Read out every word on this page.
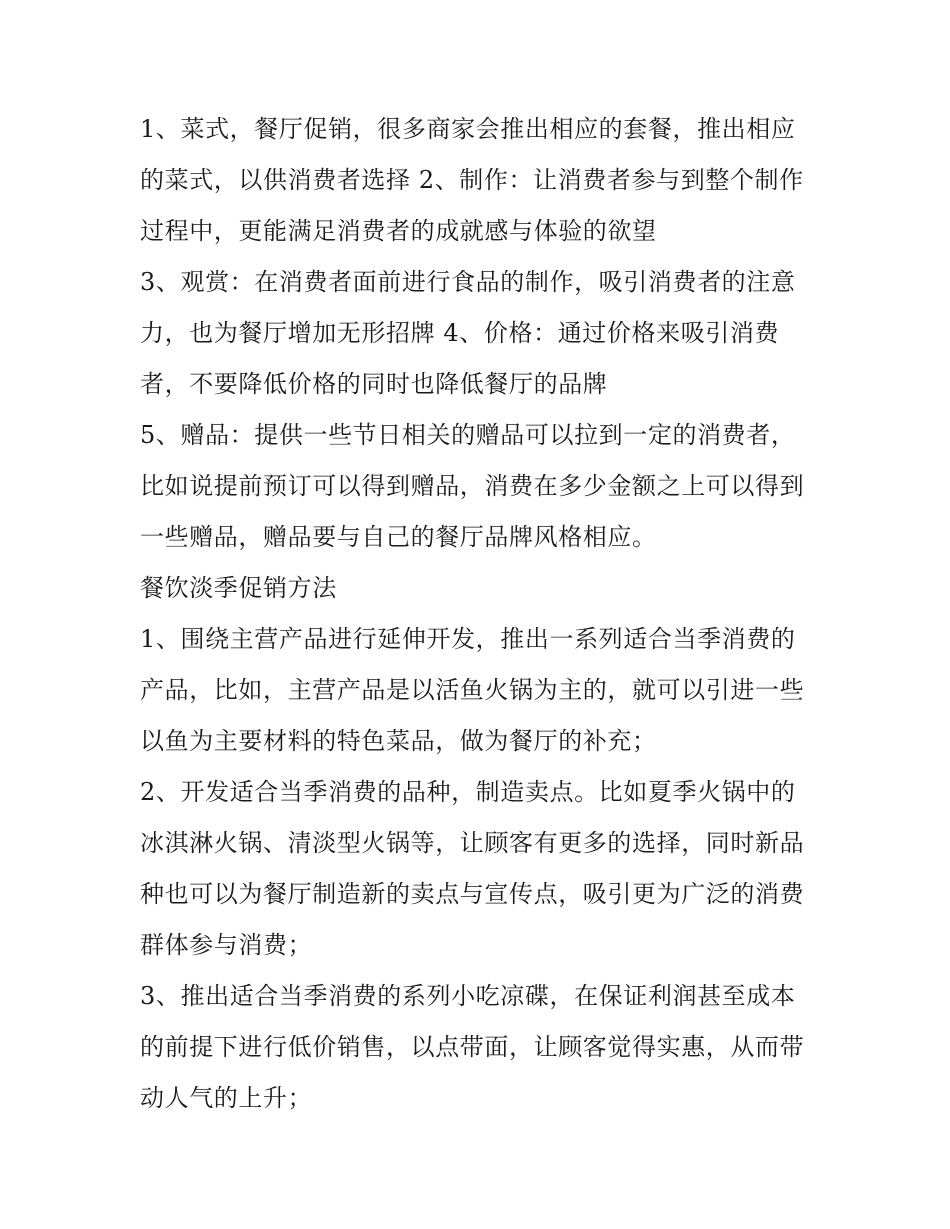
1、菜式，餐厅促销，很多商家会推出相应的套餐，推出相应
的菜式，以供消费者选择 2、制作：让消费者参与到整个制作
过程中，更能满足消费者的成就感与体验的欲望

3、观赏：在消费者面前进行食品的制作，吸引消费者的注意
力，也为餐厅增加无形招牌 4、价格：通过价格来吸引消费
者，不要降低价格的同时也降低餐厅的品牌

5、赠品：提供一些节日相关的赠品可以拉到一定的消费者，
比如说提前预订可以得到赠品，消费在多少金额之上可以得到
一些赠品，赠品要与自己的餐厅品牌风格相应。

餐饮淡季促销方法

1、围绕主营产品进行延伸开发，推出一系列适合当季消费的
产品，比如，主营产品是以活鱼火锅为主的，就可以引进一些
以鱼为主要材料的特色菜品，做为餐厅的补充；

2、开发适合当季消费的品种，制造卖点。比如夏季火锅中的
冰淇淋火锅、清淡型火锅等，让顾客有更多的选择，同时新品
种也可以为餐厅制造新的卖点与宣传点，吸引更为广泛的消费
群体参与消费；

3、推出适合当季消费的系列小吃凉碟，在保证利润甚至成本
的前提下进行低价销售，以点带面，让顾客觉得实惠，从而带
动人气的上升；
